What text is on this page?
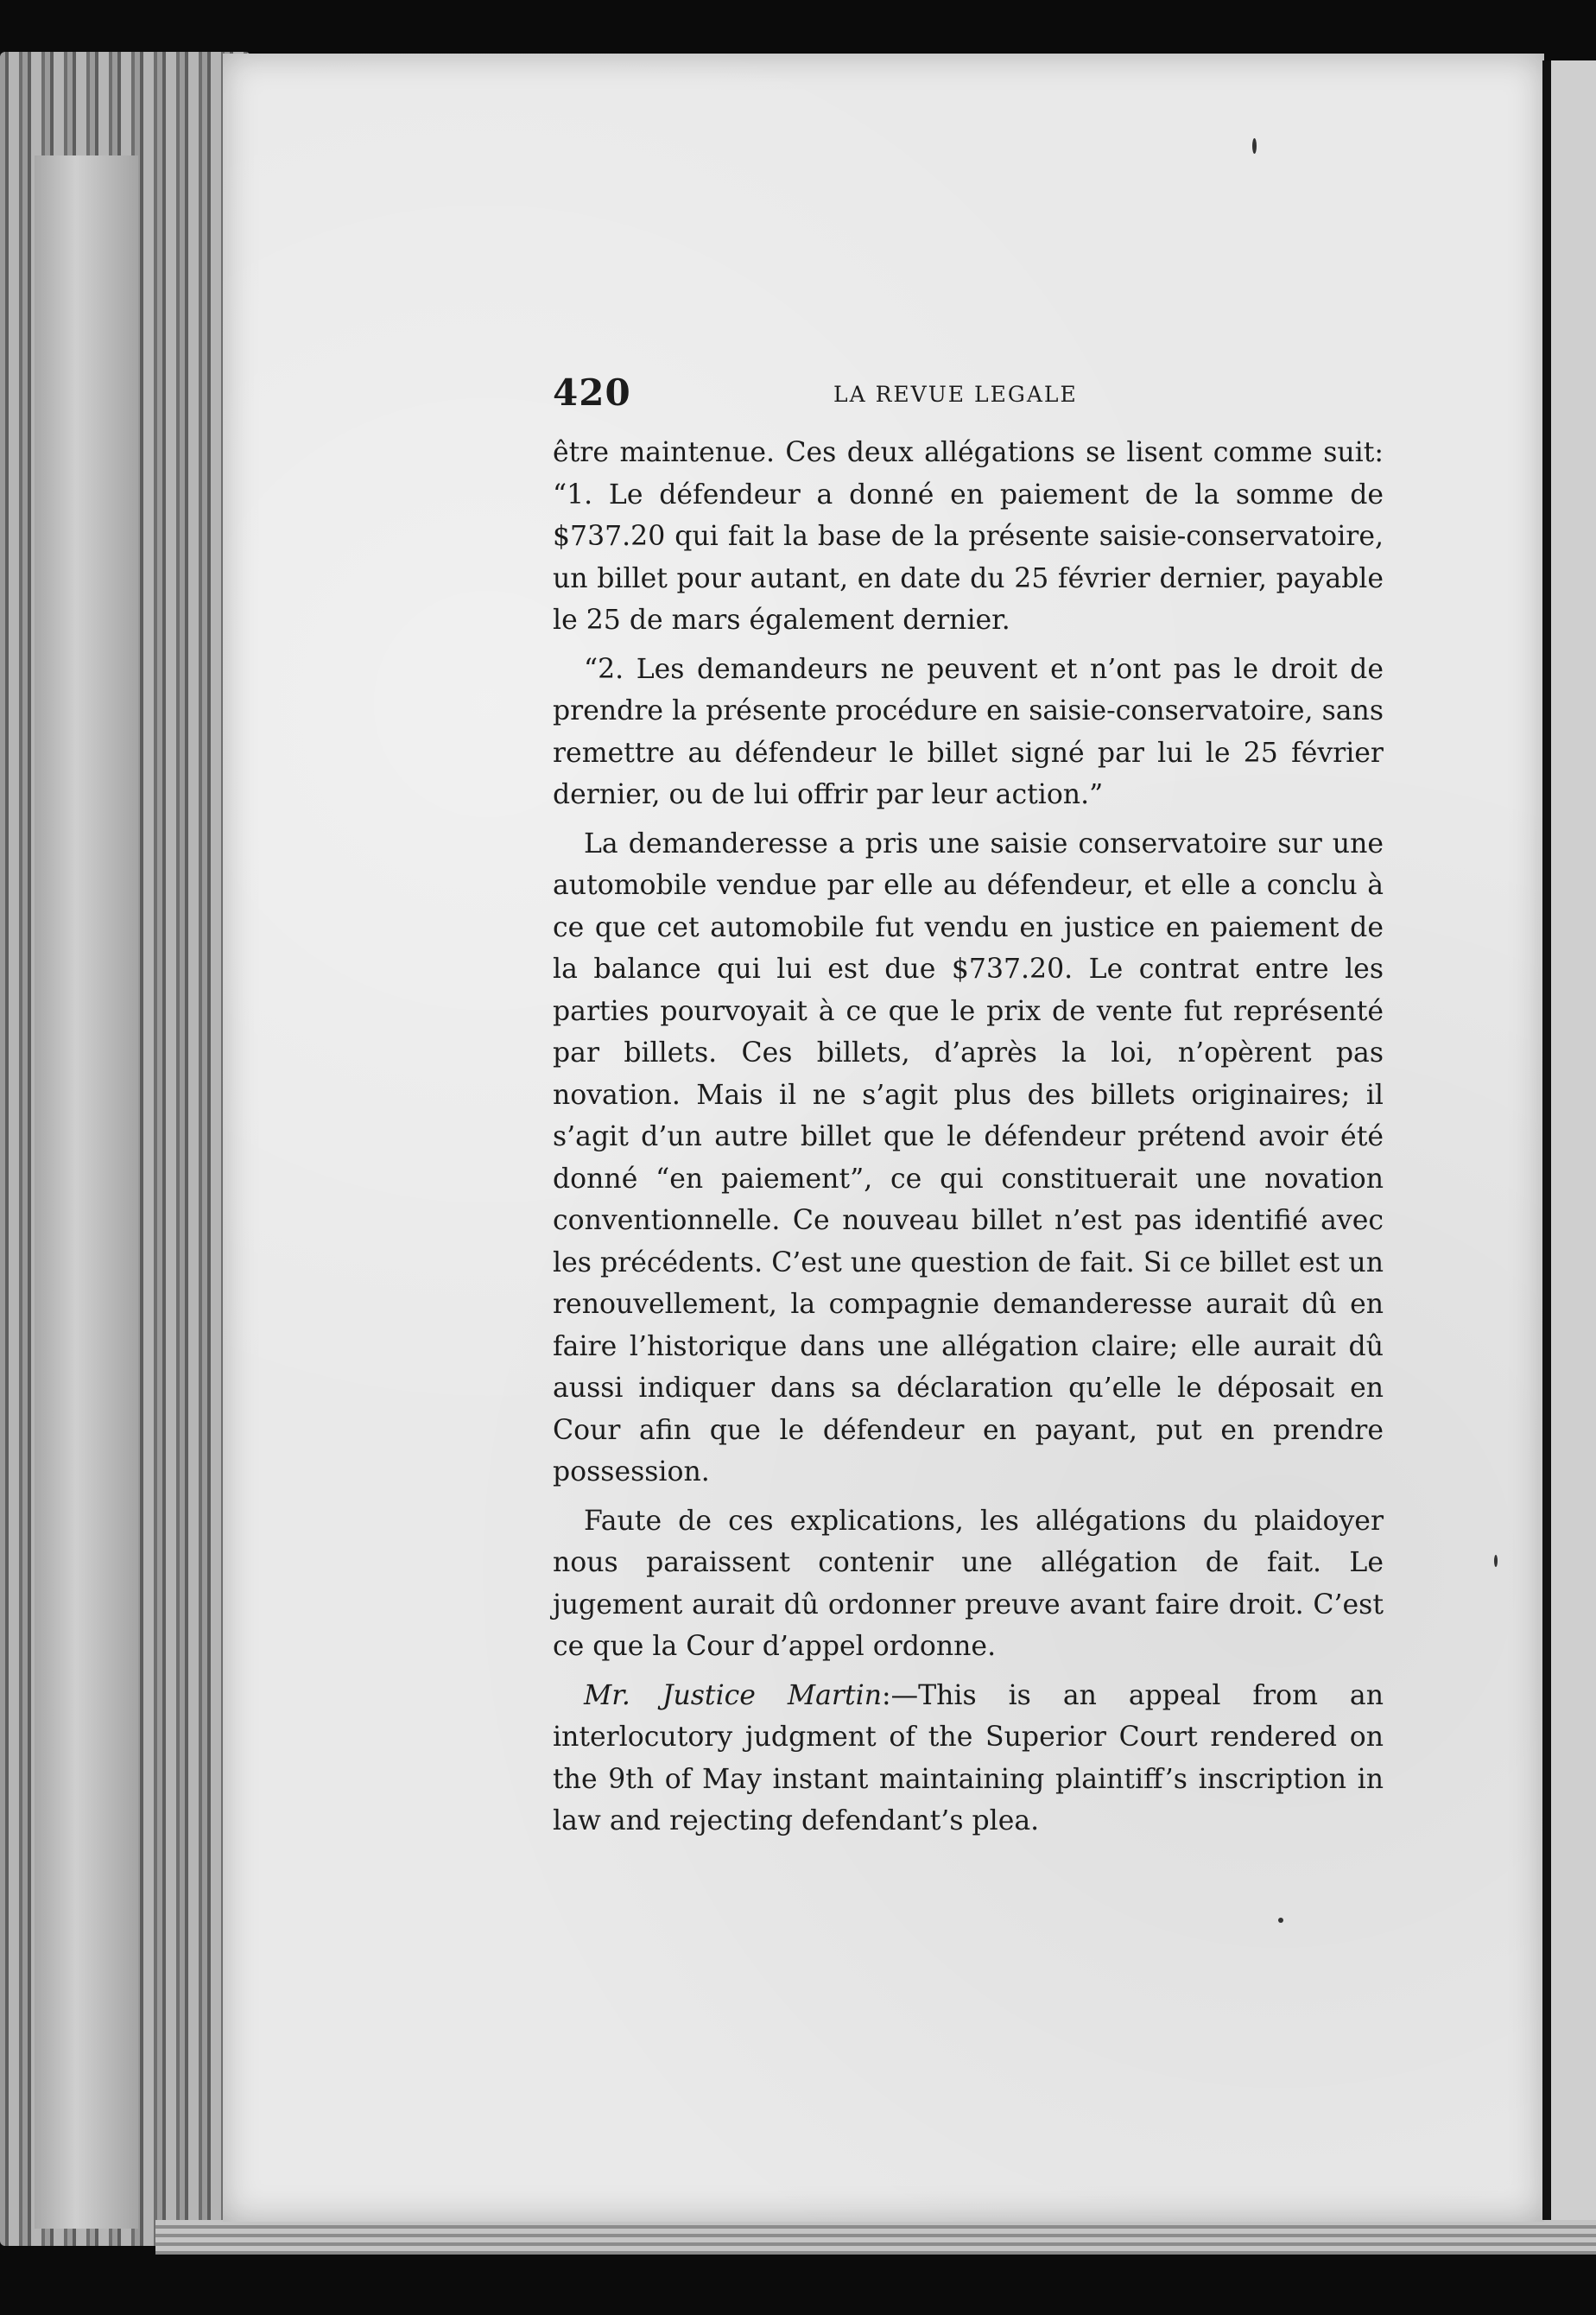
420	LA REVUE LEGALE

être maintenue. Ces deux allégations se lisent comme suit: “1. Le défendeur a donné en paiement de la somme de $737.20 qui fait la base de la présente saisie-conservatoire, un billet pour autant, en date du 25 février dernier, payable le 25 de mars également dernier.

“2. Les demandeurs ne peuvent et n’ont pas le droit de prendre la présente procédure en saisie-conservatoire, sans remettre au défendeur le billet signé par lui le 25 février dernier, ou de lui offrir par leur action.”

La demanderesse a pris une saisie conservatoire sur une automobile vendue par elle au défendeur, et elle a conclu à ce que cet automobile fut vendu en justice en paiement de la balance qui lui est due $737.20. Le contrat entre les parties pourvoyait à ce que le prix de vente fut représenté par billets. Ces billets, d’après la loi, n’opèrent pas novation. Mais il ne s’agit plus des billets originaires; il s’agit d’un autre billet que le défendeur prétend avoir été donné “en paiement”, ce qui constituerait une novation conventionnelle. Ce nouveau billet n’est pas identifié avec les précédents. C’est une question de fait. Si ce billet est un renouvellement, la compagnie demanderesse aurait dû en faire l’historique dans une allégation claire; elle aurait dû aussi indiquer dans sa déclaration qu’elle le déposait en Cour afin que le défendeur en payant, put en prendre possession.

Faute de ces explications, les allégations du plaidoyer nous paraissent contenir une allégation de fait. Le jugement aurait dû ordonner preuve avant faire droit. C’est ce que la Cour d’appel ordonne.

Mr. Justice Martin:—This is an appeal from an interlocutory judgment of the Superior Court rendered on the 9th of May instant maintaining plaintiff’s inscription in law and rejecting defendant’s plea.
